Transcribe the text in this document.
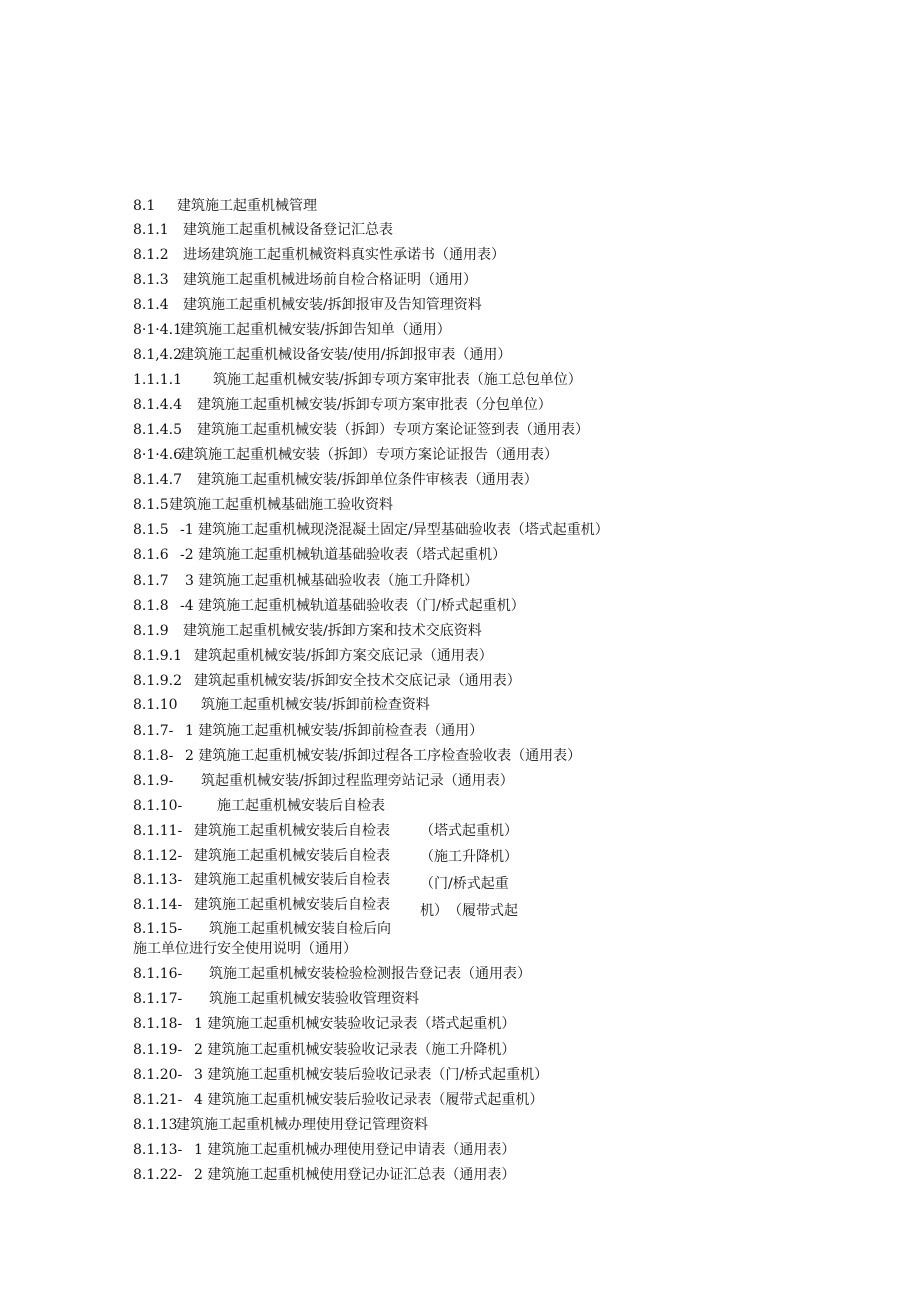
8.1 建筑施工起重机械管理
8.1.1 建筑施工起重机械设备登记汇总表
8.1.2 进场建筑施工起重机械资料真实性承诺书（通用表）
8.1.3 建筑施工起重机械进场前自检合格证明（通用）
8.1.4 建筑施工起重机械安装/拆卸报审及告知管理资料
8·1·4.1建筑施工起重机械安装/拆卸告知单（通用）
8.1,4.2建筑施工起重机械设备安装/使用/拆卸报审表（通用）
1.1.1.1 筑施工起重机械安装/拆卸专项方案审批表（施工总包单位）
8.1.4.4 建筑施工起重机械安装/拆卸专项方案审批表（分包单位）
8.1.4.5 建筑施工起重机械安装（拆卸）专项方案论证签到表（通用表）
8·1·4.6建筑施工起重机械安装（拆卸）专项方案论证报告（通用表）
8.1.4.7 建筑施工起重机械安装/拆卸单位条件审核表（通用表）
8.1.5建筑施工起重机械基础施工验收资料
8.1.5 -1 建筑施工起重机械现浇混凝土固定/异型基础验收表（塔式起重机）
8.1.6 -2 建筑施工起重机械轨道基础验收表（塔式起重机）
8.1.7 3 建筑施工起重机械基础验收表（施工升降机）
8.1.8 -4 建筑施工起重机械轨道基础验收表（门/桥式起重机）
8.1.9 建筑施工起重机械安装/拆卸方案和技术交底资料
8.1.9.1 建筑起重机械安装/拆卸方案交底记录（通用表）
8.1.9.2 建筑起重机械安装/拆卸安全技术交底记录（通用表）
8.1.10 筑施工起重机械安装/拆卸前检查资料
8.1.7- 1 建筑施工起重机械安装/拆卸前检查表（通用）
8.1.8- 2 建筑施工起重机械安装/拆卸过程各工序检查验收表（通用表）
8.1.9- 筑起重机械安装/拆卸过程监理旁站记录（通用表）
8.1.10- 施工起重机械安装后自检表
8.1.11- 建筑施工起重机械安装后自检表
8.1.12- 建筑施工起重机械安装后自检表
8.1.13- 建筑施工起重机械安装后自检表
8.1.14- 建筑施工起重机械安装后自检表
8.1.15- 筑施工起重机械安装自检后向
施工单位进行安全使用说明（通用）
8.1.16- 筑施工起重机械安装检验检测报告登记表（通用表）
8.1.17- 筑施工起重机械安装验收管理资料
8.1.18- 1 建筑施工起重机械安装验收记录表（塔式起重机）
8.1.19- 2 建筑施工起重机械安装验收记录表（施工升降机）
8.1.20- 3 建筑施工起重机械安装后验收记录表（门/桥式起重机）
8.1.21- 4 建筑施工起重机械安装后验收记录表（履带式起重机）
8.1.13建筑施工起重机械办理使用登记管理资料
8.1.13- 1 建筑施工起重机械办理使用登记申请表（通用表）
8.1.22- 2 建筑施工起重机械使用登记办证汇总表（通用表）
（塔式起重机）
（施工升降机）
（门/桥式起重
机）　（履带式起
